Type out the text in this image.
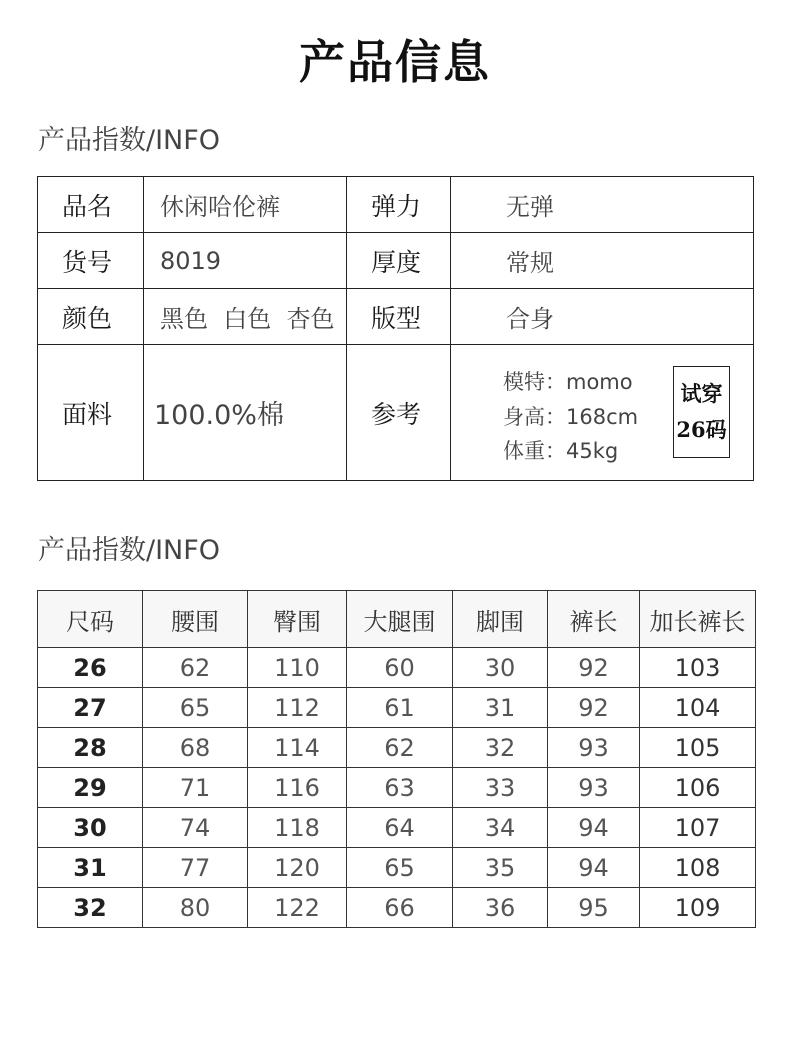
产品信息
产品指数/INFO
品名	休闲哈伦裤	弹力	无弹
货号	8019	厚度	常规
颜色	黑色  白色  杏色	版型	合身
面料	100.0%棉	参考	模特：momo
身高：168cm
体重：45kg
试穿
26码
产品指数/INFO
尺码	腰围	臀围	大腿围	脚围	裤长	加长裤长
26	62	110	60	30	92	103
27	65	112	61	31	92	104
28	68	114	62	32	93	105
29	71	116	63	33	93	106
30	74	118	64	34	94	107
31	77	120	65	35	94	108
32	80	122	66	36	95	109
